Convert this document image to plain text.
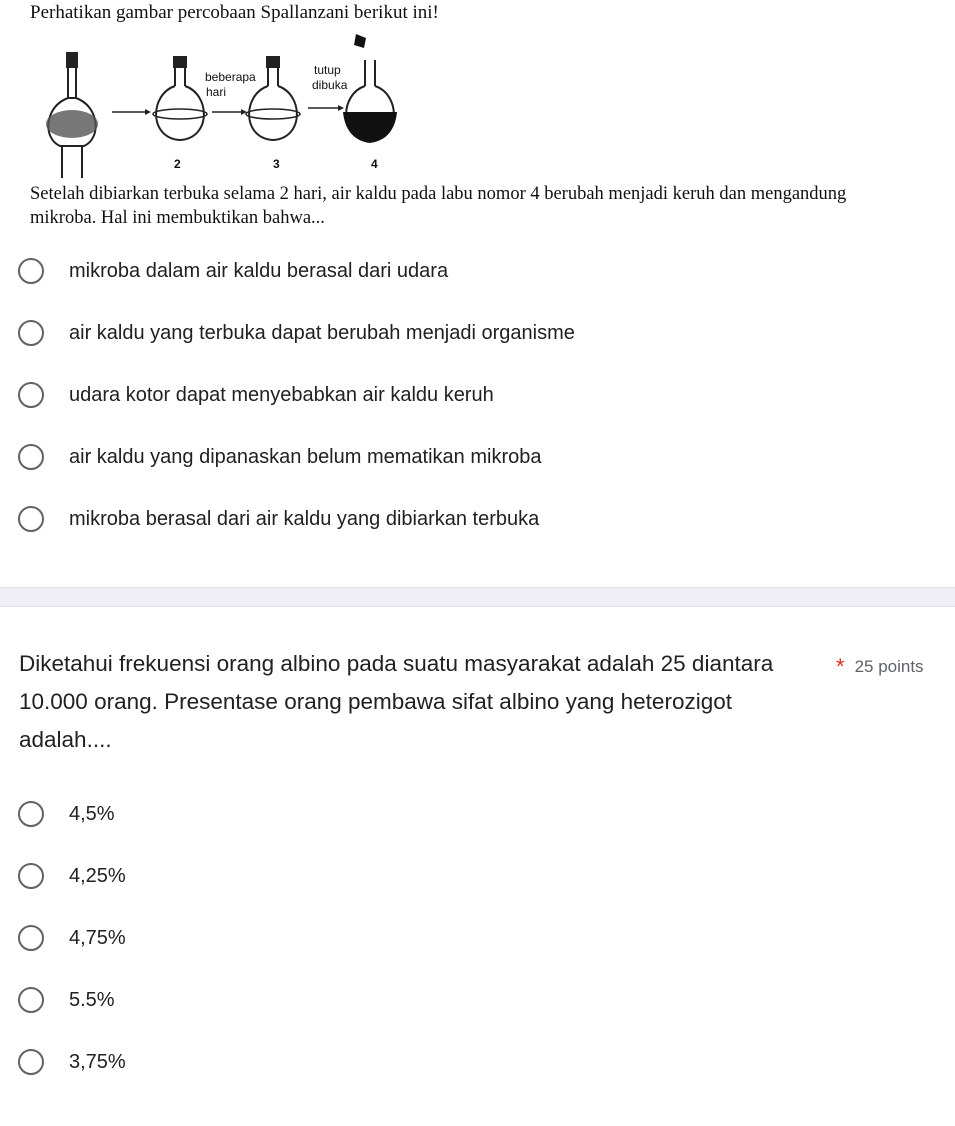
Perhatikan gambar percobaan Spallanzani berikut ini!
beberapa
hari
tutup
dibuka
2	3	4
Setelah dibiarkan terbuka selama 2 hari, air kaldu pada labu nomor 4 berubah menjadi keruh dan mengandung
mikroba. Hal ini membuktikan bahwa...
mikroba dalam air kaldu berasal dari udara
air kaldu yang terbuka dapat berubah menjadi organisme
udara kotor dapat menyebabkan air kaldu keruh
air kaldu yang dipanaskan belum mematikan mikroba
mikroba berasal dari air kaldu yang dibiarkan terbuka
Diketahui frekuensi orang albino pada suatu masyarakat adalah 25 diantara 10.000 orang. Presentase orang pembawa sifat albino yang heterozigot adalah....
* 25 points
4,5%
4,25%
4,75%
5.5%
3,75%
